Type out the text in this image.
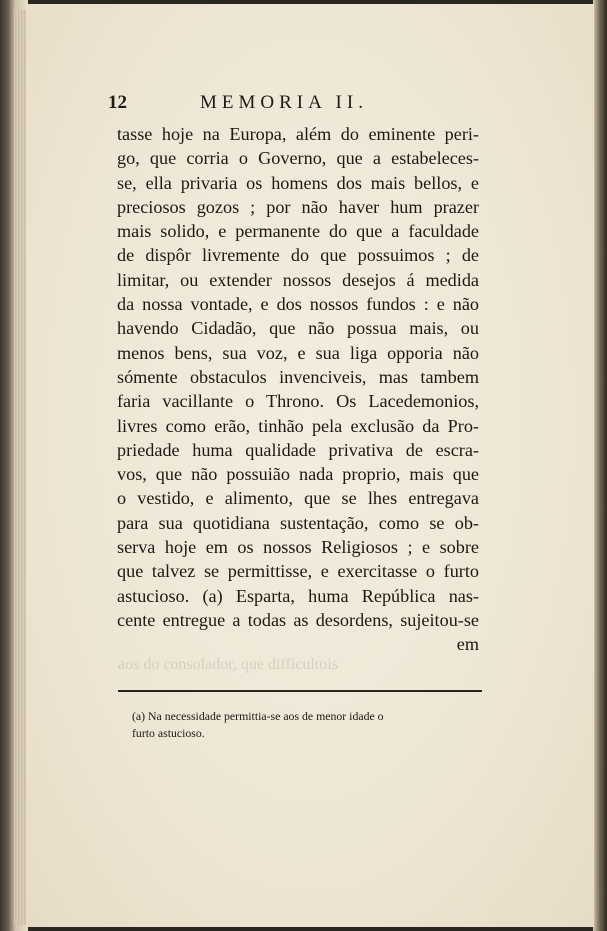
12	MEMORIA II.
tasse hoje na Europa, além do eminente peri-
go, que corria o Governo, que a estabeleces-
se, ella privaria os homens dos mais bellos, e
preciosos gozos ; por não haver hum prazer
mais solido, e permanente do que a faculdade
de dispôr livremente do que possuimos ; de
limitar, ou extender nossos desejos á medida
da nossa vontade, e dos nossos fundos : e não
havendo Cidadão, que não possua mais, ou
menos bens, sua voz, e sua liga opporia não
sómente obstaculos invenciveis, mas tambem
faria vacillante o Throno. Os Lacedemonios,
livres como erão, tinhão pela exclusão da Pro-
priedade huma qualidade privativa de escra-
vos, que não possuião nada proprio, mais que
o vestido, e alimento, que se lhes entregava
para sua quotidiana sustentação, como se ob-
serva hoje em os nossos Religiosos ; e sobre
que talvez se permittisse, e exercitasse o furto
astucioso. (a) Esparta, huma República nas-
cente entregue a todas as desordens, sujeitou-se
em
aos do consolador, que difficultois
(a) Na necessidade permittia-se aos de menor idade o
furto astucioso.
